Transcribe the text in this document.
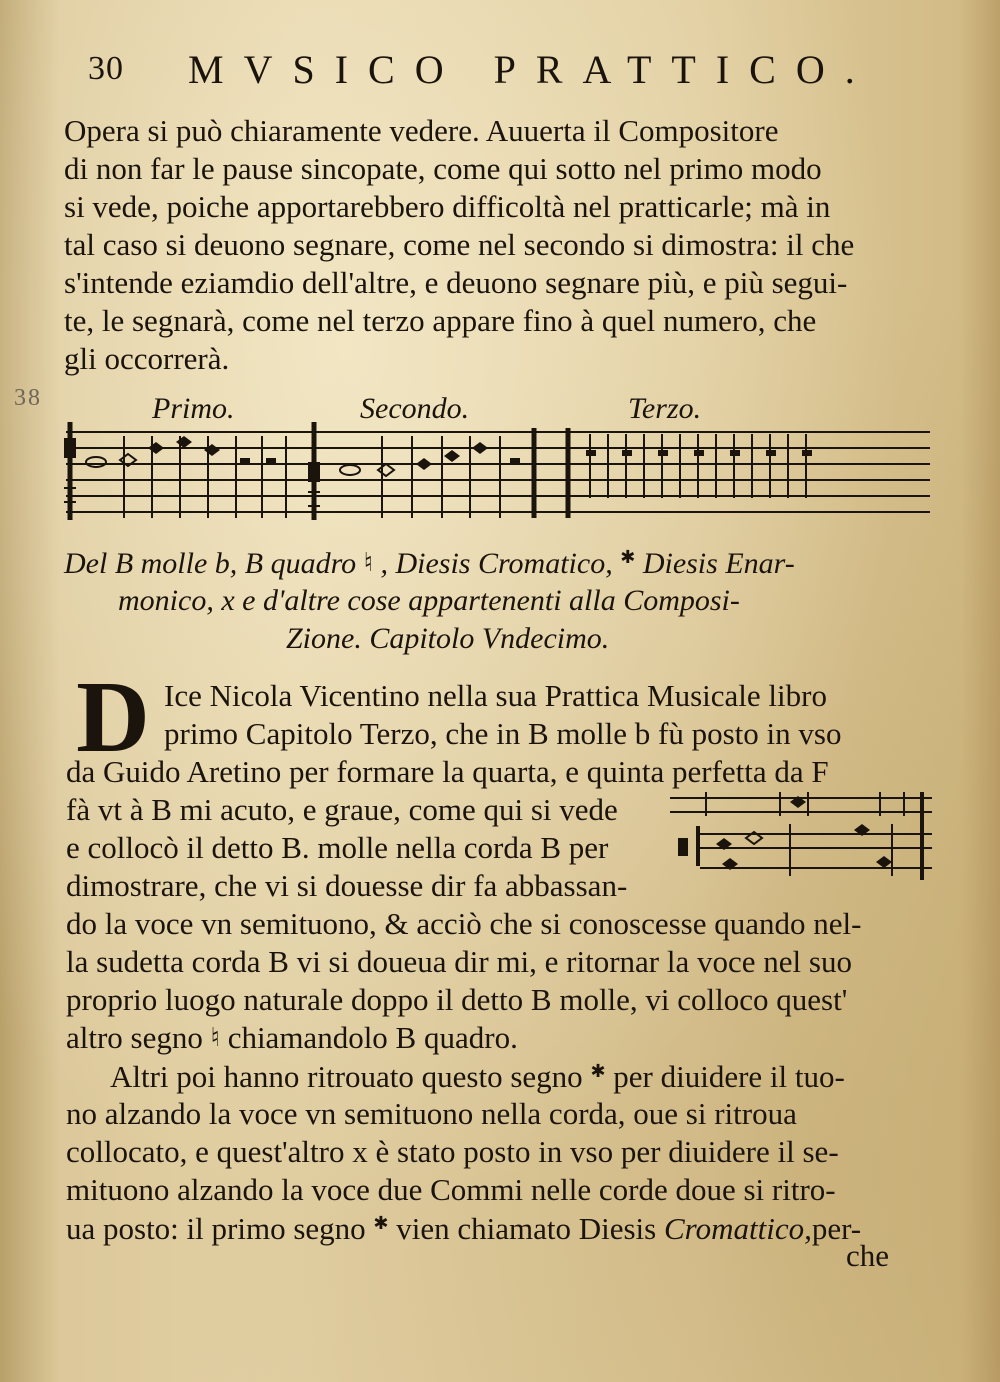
30 MVSICO PRATTICO.
Opera si può chiaramente vedere. Auuerta il Compositore
di non far le pause sincopate, come qui sotto nel primo modo
si vede, poiche apportarebbero difficoltà nel pratticarle; mà in
tal caso si deuono segnare, come nel secondo si dimostra: il che
s'intende eziamdio dell'altre, e deuono segnare più, e più segui-
te, le segnarà, come nel terzo appare fino à quel numero, che
gli occorrerà.
38	Primo.	Secondo.	Terzo.
Del B molle b, B quadro ♮ , Diesis Cromatico, ✱ Diesis Enar-
monico, x e d'altre cose appartenenti alla Composi-
Zione. Capitolo Vndecimo.
D Ice Nicola Vicentino nella sua Prattica Musicale libro
primo Capitolo Terzo, che in B molle b fù posto in vso
da Guido Aretino per formare la quarta, e quinta perfetta da F
fà vt à B mi acuto, e graue, come qui si vede
e collocò il detto B. molle nella corda B per
dimostrare, che vi si douesse dir fa abbassan-
do la voce vn semituono, & acciò che si conoscesse quando nel-
la sudetta corda B vi si doueua dir mi, e ritornar la voce nel suo
proprio luogo naturale doppo il detto B molle, vi colloco quest'
altro segno ♮ chiamandolo B quadro.
Altri poi hanno ritrouato questo segno ✱ per diuidere il tuo-
no alzando la voce vn semituono nella corda, oue si ritroua
collocato, e quest'altro x è stato posto in vso per diuidere il se-
mituono alzando la voce due Commi nelle corde doue si ritro-
ua posto: il primo segno ✱ vien chiamato Diesis Cromattico,per-
che
